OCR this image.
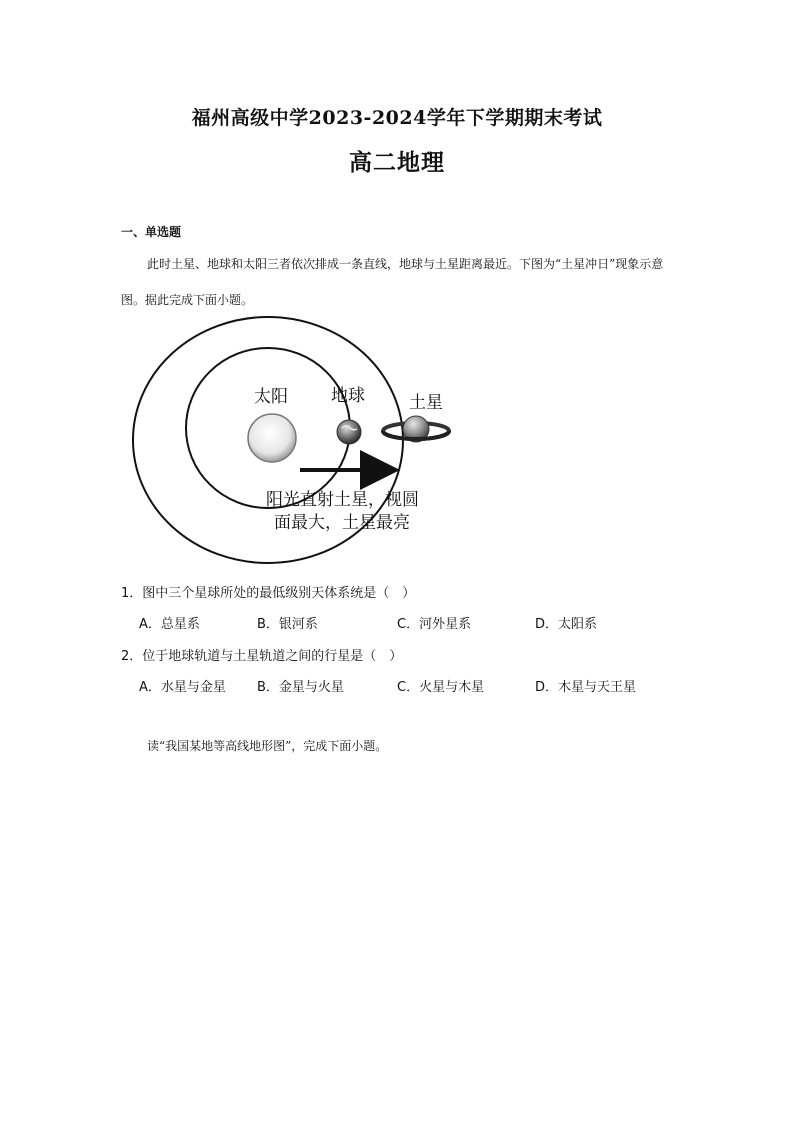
福州高级中学2023-2024学年下学期期末考试
高二地理
一、单选题
此时土星、地球和太阳三者依次排成一条直线，地球与土星距离最近。下图为“土星冲日”现象示意图。据此完成下面小题。
太阳	地球	土星
阳光直射土星，视圆
面最大，土星最亮
1．图中三个星球所处的最低级别天体系统是（　）
A．总星系	B．银河系	C．河外星系	D．太阳系
2．位于地球轨道与土星轨道之间的行星是（　）
A．水星与金星 B．金星与火星	C．火星与木星	D．木星与天王星
读“我国某地等高线地形图”，完成下面小题。
